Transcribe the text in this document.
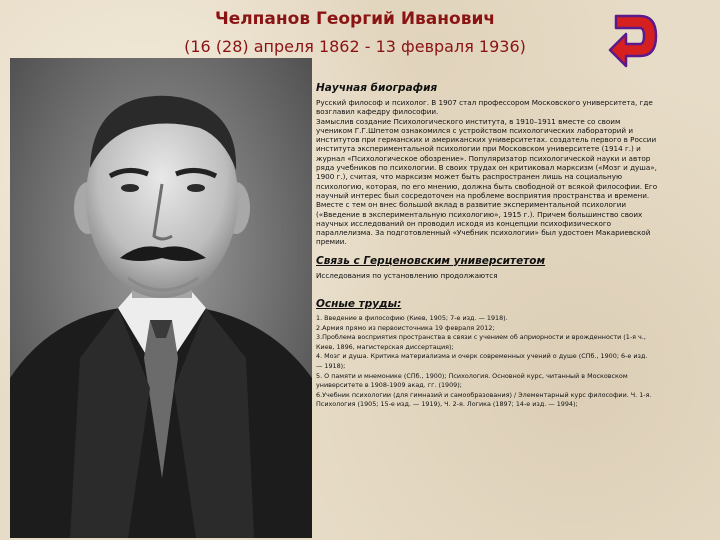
Челпанов Георгий Иванович

(16 (28) апреля 1862 - 13 февраля 1936)

Научная биография

Русский философ и психолог. В 1907 стал профессором Московского университета, где
возглавил кафедру философии.
Замыслив создание Психологического института, в 1910–1911 вместе со своим
учеником Г.Г.Шпетом ознакомился с устройством психологических лабораторий и
институтов при германских и американских университетах. создатель первого в России
института экспериментальной психологии при Московском университете (1914 г.) и
журнал «Психологическое обозрение». Популяризатор психологической науки и автор
ряда учебников по психологии. В своих трудах он критиковал марксизм («Мозг и душа»,
1900 г.), считая, что марксизм может быть распространен лишь на социальную
психологию, которая, по его мнению, должна быть свободной от всякой философии. Его
научный интерес был сосредоточен на проблеме восприятия пространства и времени.
Вместе с тем он внес большой вклад в развитие экспериментальной психологии
(«Введение в экспериментальную психологию», 1915 г.). Причем большинство своих
научных исследований он проводил исходя из концепции психофизического
параллелизма. За подготовленный «Учебник психологии» был удостоен Макариевской
премии.

Связь с Герценовским университетом

Исследования по установлению продолжаются

Осные труды:

1. Введение в философию (Киев, 1905; 7-е изд. — 1918).
2.Армия прямо из первоисточника 19 февраля 2012;
3.Проблема восприятия пространства в связи с учением об априорности и врожденности (1-я ч.,
Киев, 1896, магистерская диссертация);
4. Мозг и душа. Критика материализма и очерк современных учений о душе (СПб., 1900; 6-е изд.
— 1918);
5. О памяти и мнемонике (СПб., 1900); Психология. Основной курс, читанный в Московском
университете в 1908-1909 акад. гг. (1909);
6.Учебник психологии (для гимназий и самообразования) / Элементарный курс философии. Ч. 1-я.
Психология (1905; 15-е изд. — 1919), Ч. 2-я. Логика (1897; 14-е изд. — 1994);
